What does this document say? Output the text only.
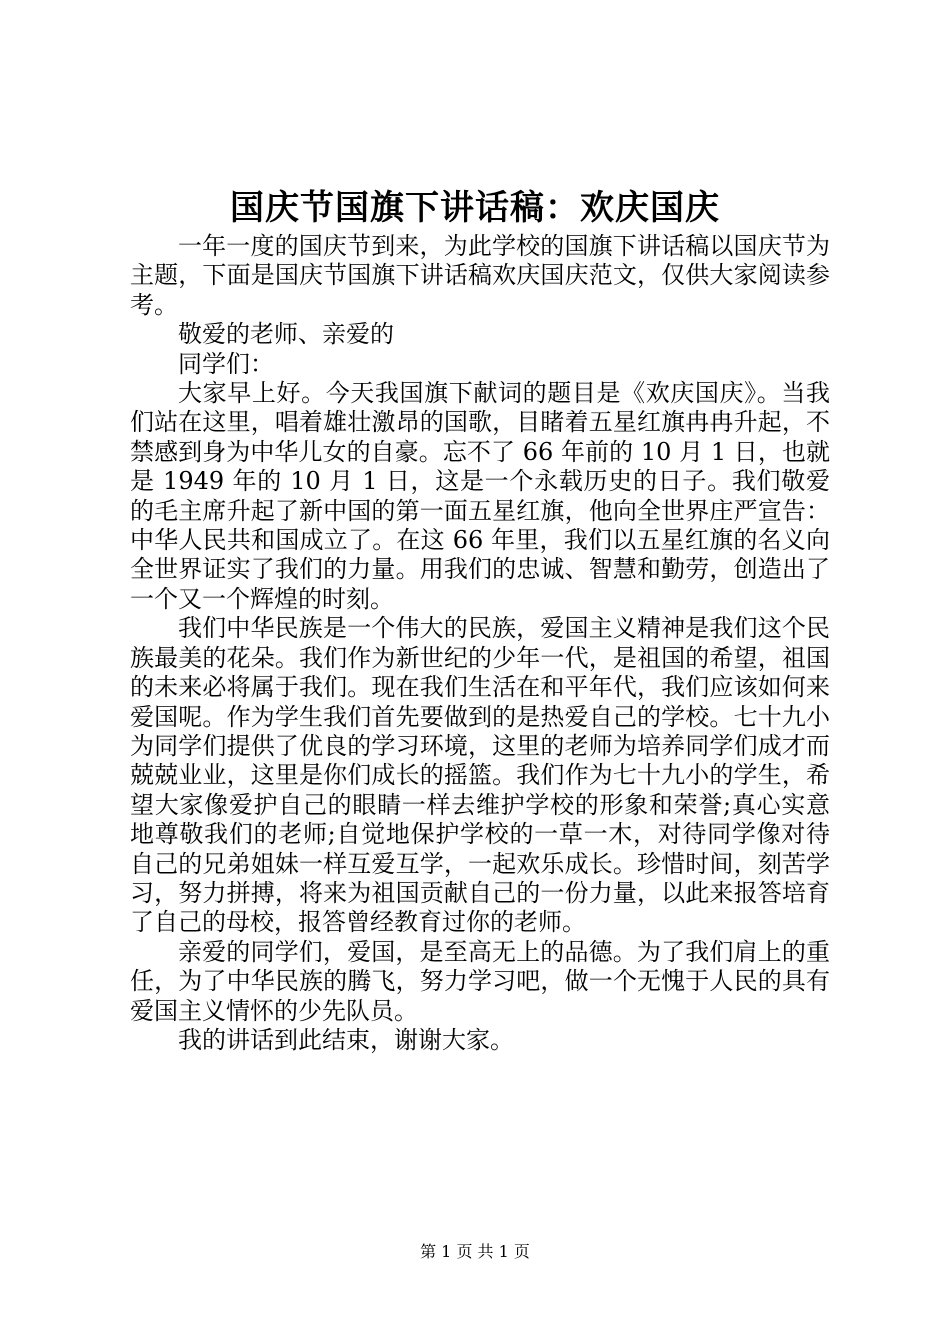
国庆节国旗下讲话稿：欢庆国庆

一年一度的国庆节到来，为此学校的国旗下讲话稿以国庆节为主题，下面是国庆节国旗下讲话稿欢庆国庆范文，仅供大家阅读参考。

敬爱的老师、亲爱的

同学们：

大家早上好。今天我国旗下献词的题目是《欢庆国庆》。当我们站在这里，唱着雄壮激昂的国歌，目睹着五星红旗冉冉升起，不禁感到身为中华儿女的自豪。忘不了 66 年前的 10 月 1 日，也就是 1949 年的 10 月 1 日，这是一个永载历史的日子。我们敬爱的毛主席升起了新中国的第一面五星红旗，他向全世界庄严宣告：中华人民共和国成立了。在这 66 年里，我们以五星红旗的名义向全世界证实了我们的力量。用我们的忠诚、智慧和勤劳，创造出了一个又一个辉煌的时刻。

我们中华民族是一个伟大的民族，爱国主义精神是我们这个民族最美的花朵。我们作为新世纪的少年一代，是祖国的希望，祖国的未来必将属于我们。现在我们生活在和平年代，我们应该如何来爱国呢。作为学生我们首先要做到的是热爱自己的学校。七十九小为同学们提供了优良的学习环境，这里的老师为培养同学们成才而兢兢业业，这里是你们成长的摇篮。我们作为七十九小的学生，希望大家像爱护自己的眼睛一样去维护学校的形象和荣誉;真心实意地尊敬我们的老师;自觉地保护学校的一草一木，对待同学像对待自己的兄弟姐妹一样互爱互学，一起欢乐成长。珍惜时间，刻苦学习，努力拼搏，将来为祖国贡献自己的一份力量，以此来报答培育了自己的母校，报答曾经教育过你的老师。

亲爱的同学们，爱国，是至高无上的品德。为了我们肩上的重任，为了中华民族的腾飞，努力学习吧，做一个无愧于人民的具有爱国主义情怀的少先队员。

我的讲话到此结束，谢谢大家。

第 1 页 共 1 页
